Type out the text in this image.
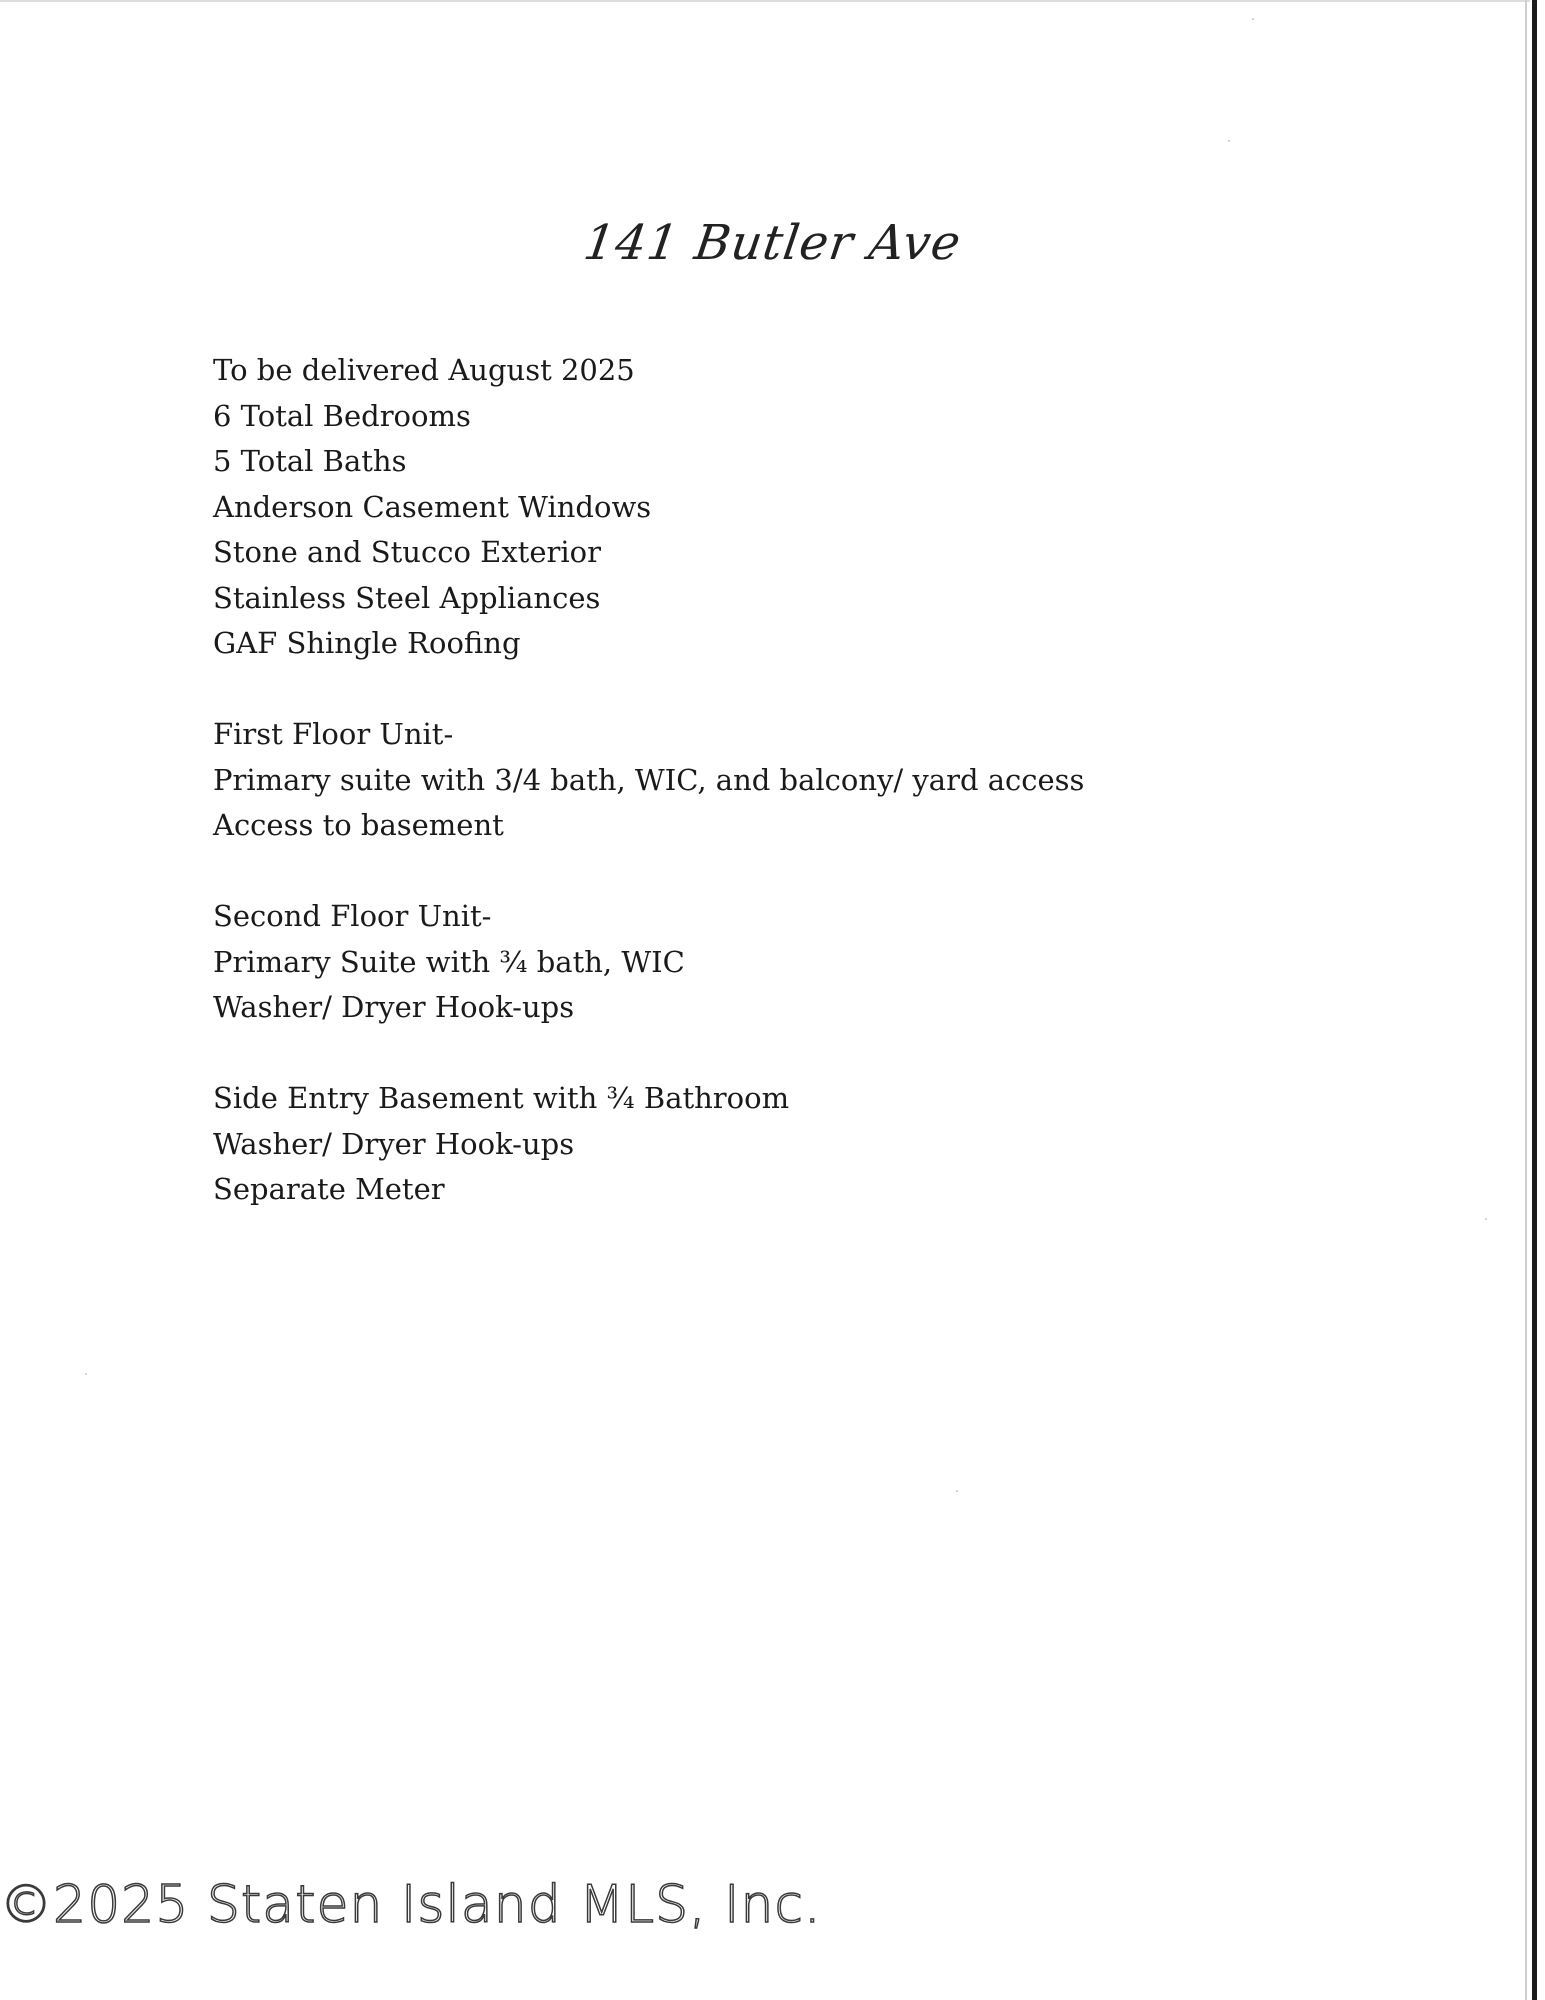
141 Butler Ave
To be delivered August 2025
6 Total Bedrooms
5 Total Baths
Anderson Casement Windows
Stone and Stucco Exterior
Stainless Steel Appliances
GAF Shingle Roofing
First Floor Unit-
Primary suite with 3/4 bath, WIC, and balcony/ yard access
Access to basement
Second Floor Unit-
Primary Suite with ¾ bath, WIC
Washer/ Dryer Hook-ups
Side Entry Basement with ¾ Bathroom
Washer/ Dryer Hook-ups
Separate Meter
©2025 Staten Island MLS, Inc.
